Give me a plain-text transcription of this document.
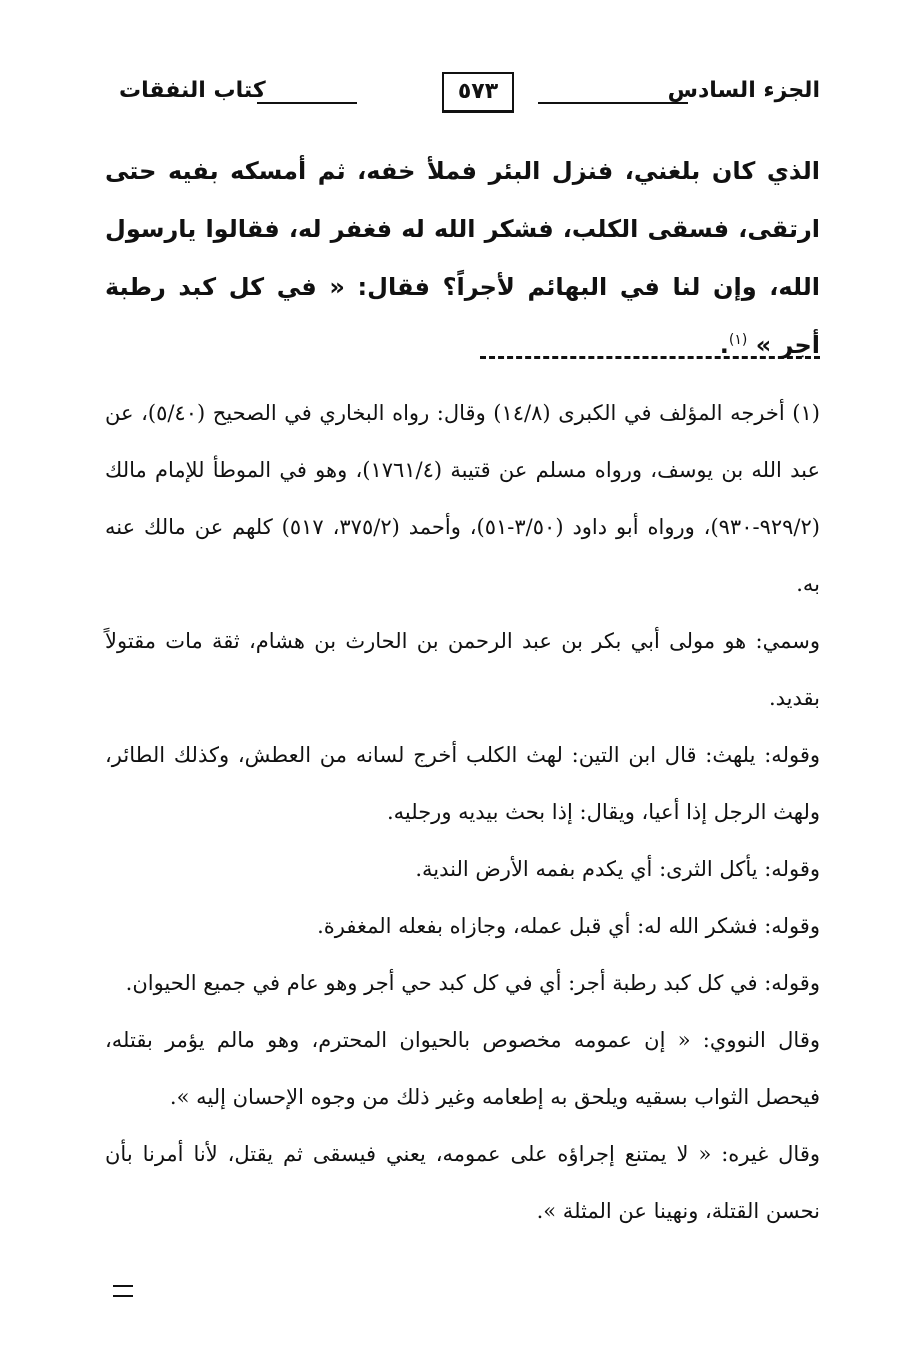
الجزء السادس
٥٧٣
كتاب النفقات

الذي كان بلغني، فنزل البئر فملأ خفه، ثم أمسكه بفيه حتى ارتقى، فسقى الكلب، فشكر الله له فغفر له، فقالوا يارسول الله، وإن لنا في البهائم لأجراً؟ فقال: « في كل كبد رطبة أجر » $^{(١)}$.

(١) أخرجه المؤلف في الكبرى (١٤/٨) وقال: رواه البخاري في الصحيح (٥/٤٠)، عن عبد الله بن يوسف، ورواه مسلم عن قتيبة (١٧٦١/٤)، وهو في الموطأ للإمام مالك (٩٢٩/٢-٩٣٠)، ورواه أبو داود (٣/٥٠-٥١)، وأحمد (٣٧٥/٢، ٥١٧) كلهم عن مالك عنه به.

وسمي: هو مولى أبي بكر بن عبد الرحمن بن الحارث بن هشام، ثقة مات مقتولاً بقديد.

وقوله: يلهث: قال ابن التين: لهث الكلب أخرج لسانه من العطش، وكذلك الطائر، ولهث الرجل إذا أعيا، ويقال: إذا بحث بيديه ورجليه.

وقوله: يأكل الثرى: أي يكدم بفمه الأرض الندية.

وقوله: فشكر الله له: أي قبل عمله، وجازاه بفعله المغفرة.

وقوله: في كل كبد رطبة أجر: أي في كل كبد حي أجر وهو عام في جميع الحيوان.

وقال النووي: « إن عمومه مخصوص بالحيوان المحترم، وهو مالم يؤمر بقتله، فيحصل الثواب بسقيه ويلحق به إطعامه وغير ذلك من وجوه الإحسان إليه ».

وقال غيره: « لا يمتنع إجراؤه على عمومه، يعني فيسقى ثم يقتل، لأنا أمرنا بأن نحسن القتلة، ونهينا عن المثلة ».
